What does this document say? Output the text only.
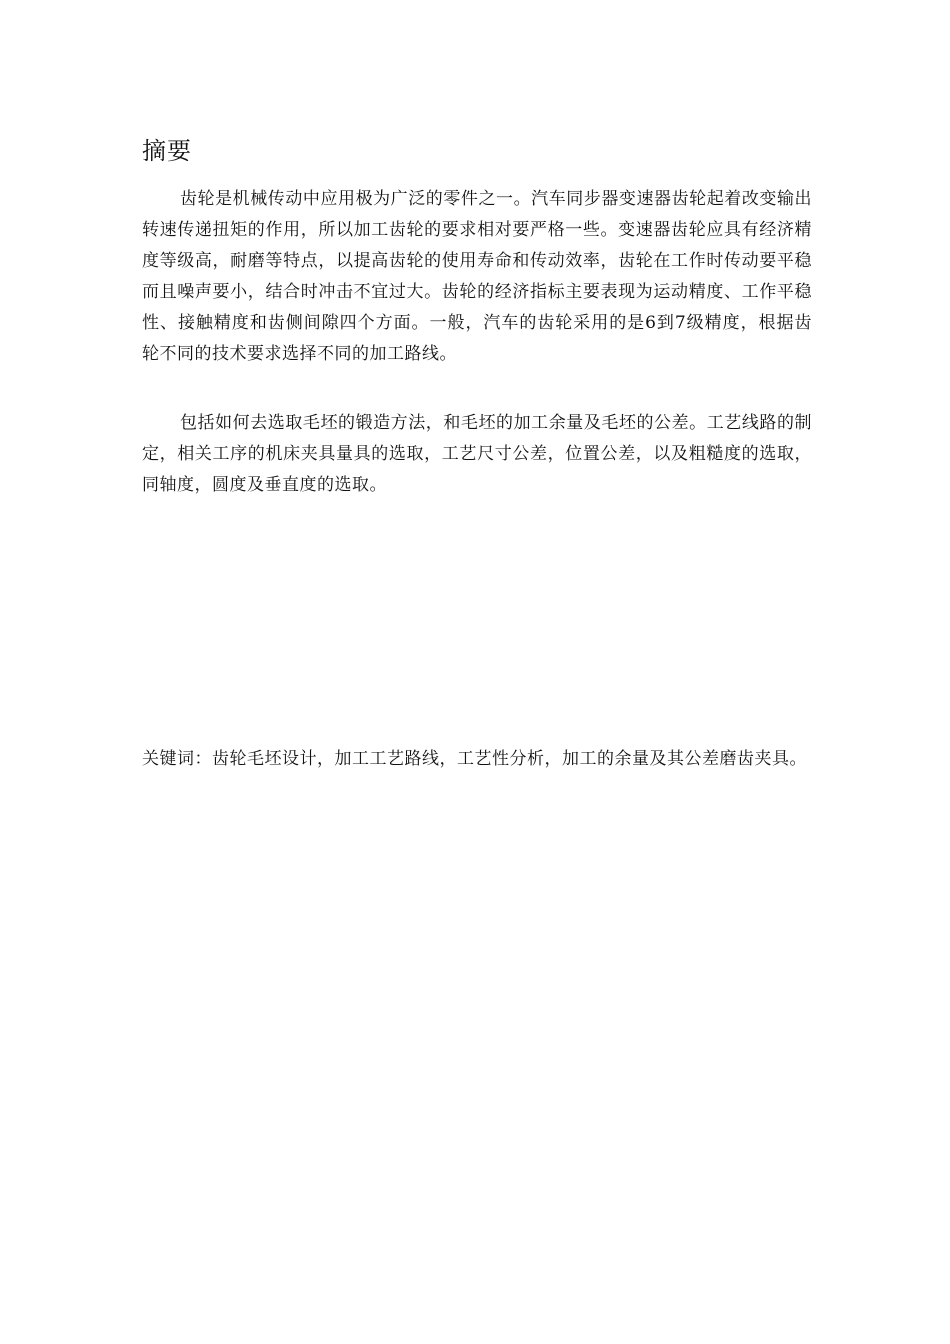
摘要

齿轮是机械传动中应用极为广泛的零件之一。汽车同步器变速器齿轮起着改变输出转速传递扭矩的作用，所以加工齿轮的要求相对要严格一些。变速器齿轮应具有经济精度等级高，耐磨等特点，以提高齿轮的使用寿命和传动效率，齿轮在工作时传动要平稳而且噪声要小，结合时冲击不宜过大。齿轮的经济指标主要表现为运动精度、工作平稳性、接触精度和齿侧间隙四个方面。一般，汽车的齿轮采用的是6到7级精度，根据齿轮不同的技术要求选择不同的加工路线。

包括如何去选取毛坯的锻造方法，和毛坯的加工余量及毛坯的公差。工艺线路的制定，相关工序的机床夹具量具的选取，工艺尺寸公差，位置公差，以及粗糙度的选取，同轴度，圆度及垂直度的选取。

关键词：齿轮毛坯设计，加工工艺路线，工艺性分析，加工的余量及其公差磨齿夹具。
